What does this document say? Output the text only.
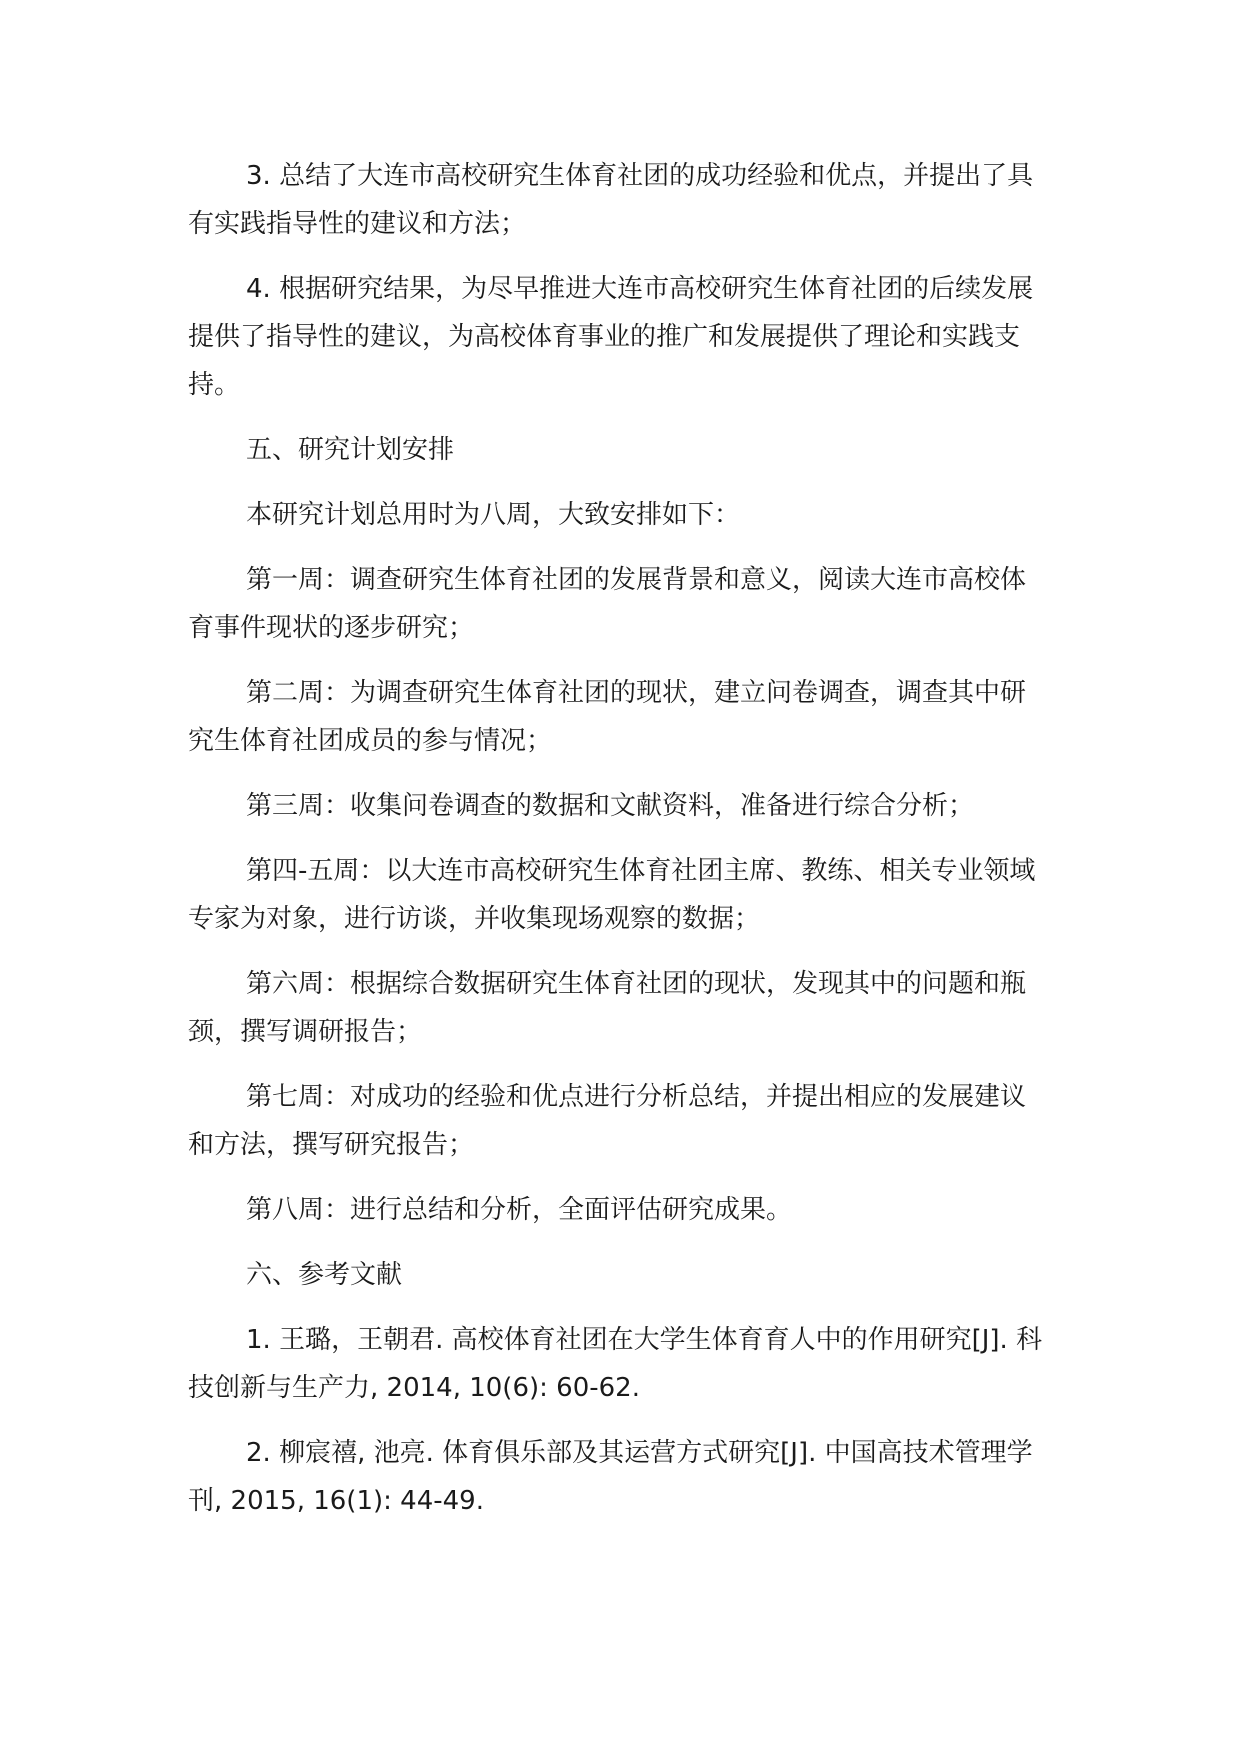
3. 总结了大连市高校研究生体育社团的成功经验和优点，并提出了具有实践指导性的建议和方法；

4. 根据研究结果，为尽早推进大连市高校研究生体育社团的后续发展提供了指导性的建议，为高校体育事业的推广和发展提供了理论和实践支持。

五、研究计划安排

本研究计划总用时为八周，大致安排如下：

第一周：调查研究生体育社团的发展背景和意义，阅读大连市高校体育事件现状的逐步研究；

第二周：为调查研究生体育社团的现状，建立问卷调查，调查其中研究生体育社团成员的参与情况；

第三周：收集问卷调查的数据和文献资料，准备进行综合分析；

第四-五周：以大连市高校研究生体育社团主席、教练、相关专业领域专家为对象，进行访谈，并收集现场观察的数据；

第六周：根据综合数据研究生体育社团的现状，发现其中的问题和瓶颈，撰写调研报告；

第七周：对成功的经验和优点进行分析总结，并提出相应的发展建议和方法，撰写研究报告；

第八周：进行总结和分析，全面评估研究成果。

六、参考文献

1. 王璐，王朝君. 高校体育社团在大学生体育育人中的作用研究[J]. 科技创新与生产力, 2014, 10(6): 60-62.

2. 柳宸禧, 池亮. 体育俱乐部及其运营方式研究[J]. 中国高技术管理学刊, 2015, 16(1): 44-49.
